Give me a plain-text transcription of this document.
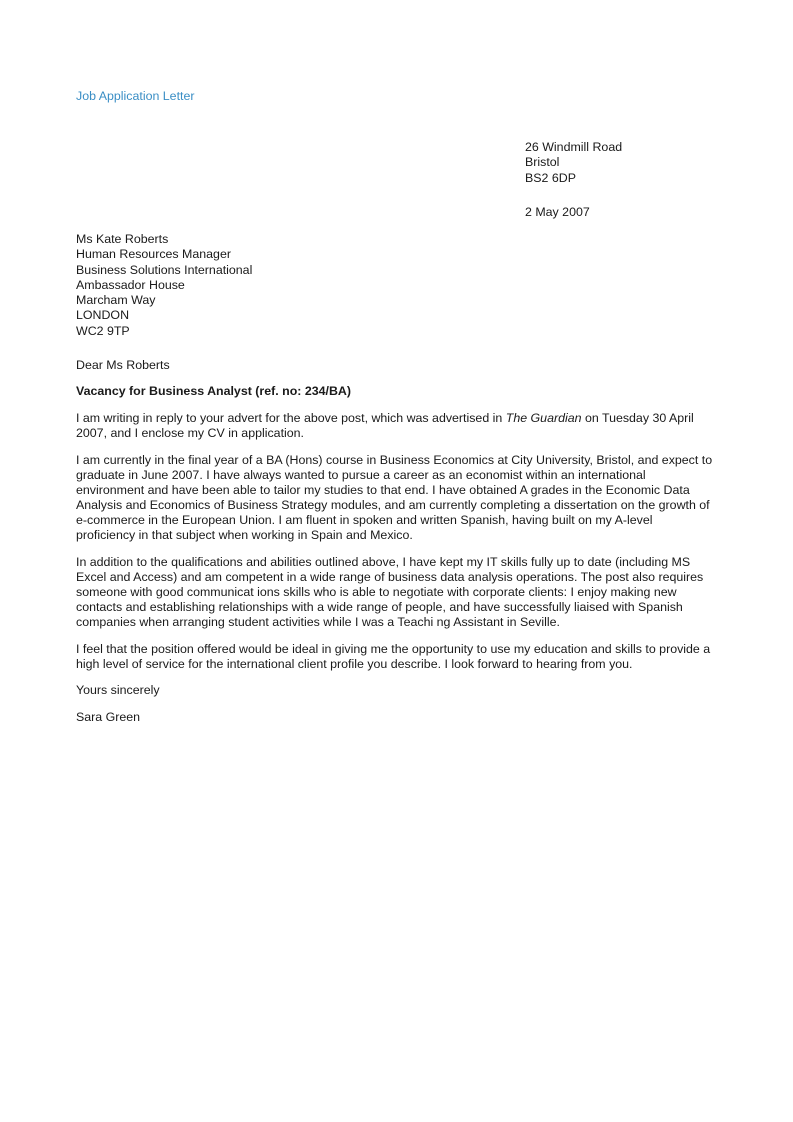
Job Application Letter
26 Windmill Road
Bristol
BS2 6DP
2 May 2007
Ms Kate Roberts
Human Resources Manager
Business Solutions International
Ambassador House
Marcham Way
LONDON
WC2 9TP
Dear Ms Roberts
Vacancy for Business Analyst (ref. no: 234/BA)

I am writing in reply to your advert for the above post, which was advertised in The Guardian on Tuesday 30 April 2007, and I enclose my CV in application.

I am currently in the final year of a BA (Hons) course in Business Economics at City University, Bristol, and expect to graduate in June 2007. I have always wanted to pursue a career as an economist within an international environment and have been able to tailor my studies to that end. I have obtained A grades in the Economic Data Analysis and Economics of Business Strategy modules, and am currently completing a dissertation on the growth of e-commerce in the European Union. I am fluent in spoken and written Spanish, having built on my A-level proficiency in that subject when working in Spain and Mexico.

In addition to the qualifications and abilities outlined above, I have kept my IT skills fully up to date (including MS Excel and Access) and am competent in a wide range of business data analysis operations. The post also requires someone with good communicat ions skills who is able to negotiate with corporate clients: I enjoy making new contacts and establishing relationships with a wide range of people, and have successfully liaised with Spanish companies when arranging student activities while I was a Teachi ng Assistant in Seville.

I feel that the position offered would be ideal in giving me the opportunity to use my education and skills to provide a high level of service for the international client profile you describe. I look forward to hearing from you.

Yours sincerely
Sara Green
